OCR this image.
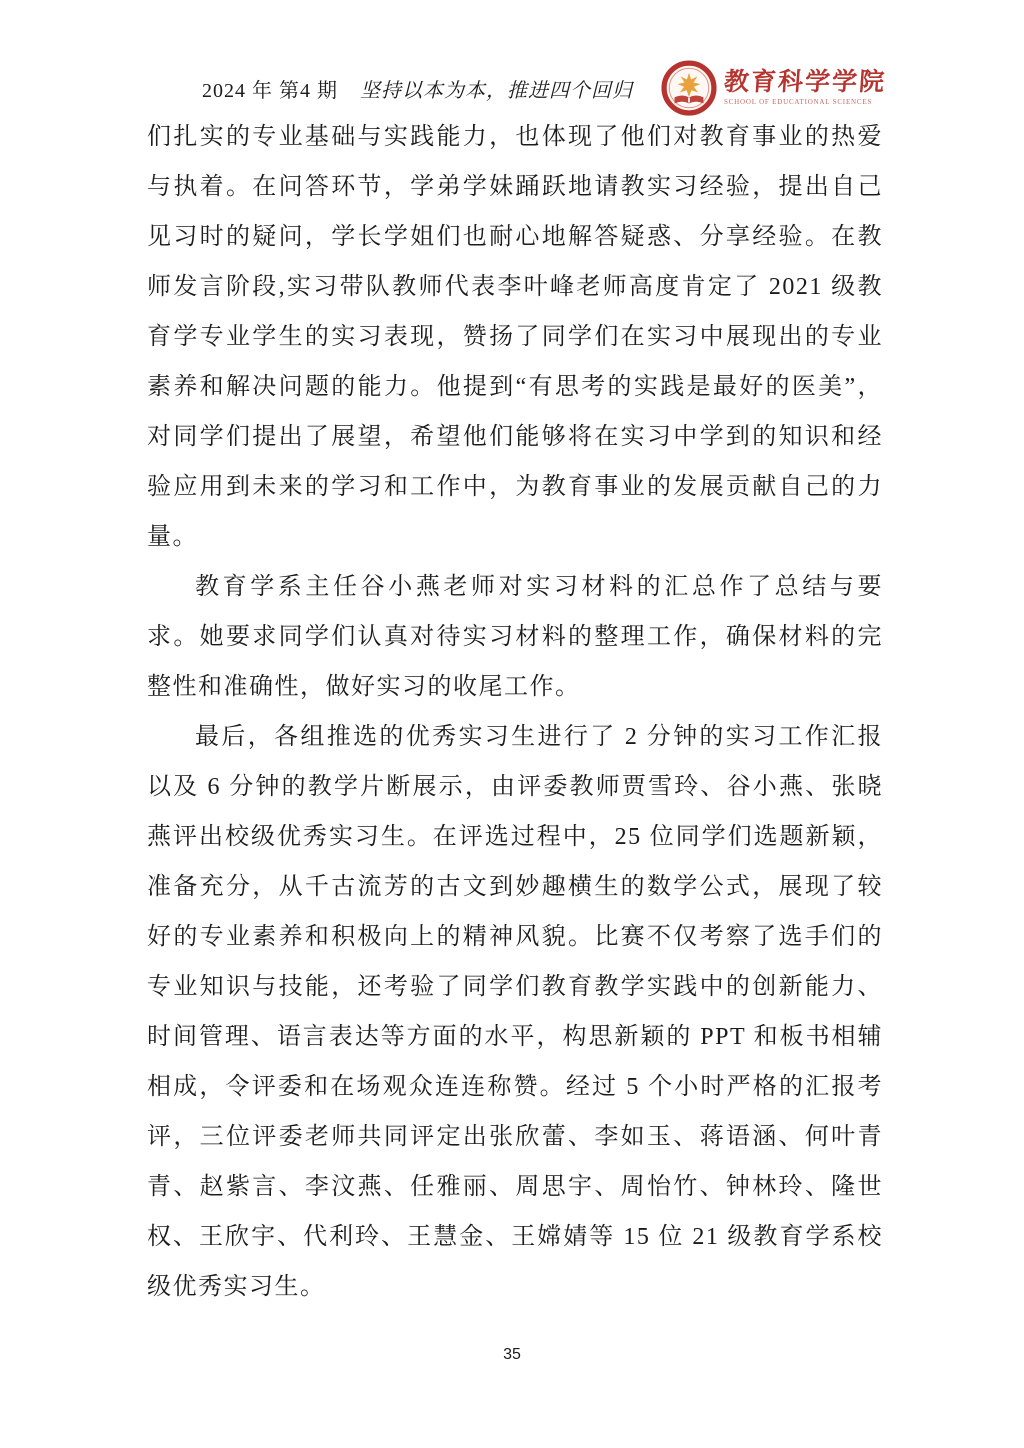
2024 年 第4 期 坚持以本为本，推进四个回归	教育科学学院
SCHOOL OF EDUCATIONAL SCIENCES

们扎实的专业基础与实践能力，也体现了他们对教育事业的热爱与执着。在问答环节，学弟学妹踊跃地请教实习经验，提出自己见习时的疑问，学长学姐们也耐心地解答疑惑、分享经验。在教师发言阶段,实习带队教师代表李叶峰老师高度肯定了 2021 级教育学专业学生的实习表现，赞扬了同学们在实习中展现出的专业素养和解决问题的能力。他提到“有思考的实践是最好的医美”，对同学们提出了展望，希望他们能够将在实习中学到的知识和经验应用到未来的学习和工作中，为教育事业的发展贡献自己的力量。

教育学系主任谷小燕老师对实习材料的汇总作了总结与要求。她要求同学们认真对待实习材料的整理工作，确保材料的完整性和准确性，做好实习的收尾工作。

最后，各组推选的优秀实习生进行了 2 分钟的实习工作汇报以及 6 分钟的教学片断展示，由评委教师贾雪玲、谷小燕、张晓燕评出校级优秀实习生。在评选过程中，25 位同学们选题新颖，准备充分，从千古流芳的古文到妙趣横生的数学公式，展现了较好的专业素养和积极向上的精神风貌。比赛不仅考察了选手们的专业知识与技能，还考验了同学们教育教学实践中的创新能力、时间管理、语言表达等方面的水平，构思新颖的 PPT 和板书相辅相成，令评委和在场观众连连称赞。经过 5 个小时严格的汇报考评，三位评委老师共同评定出张欣蕾、李如玉、蒋语涵、何叶青青、赵紫言、李汶燕、任雅丽、周思宇、周怡竹、钟林玲、隆世权、王欣宇、代利玲、王慧金、王嫦婧等 15 位 21 级教育学系校级优秀实习生。

35
